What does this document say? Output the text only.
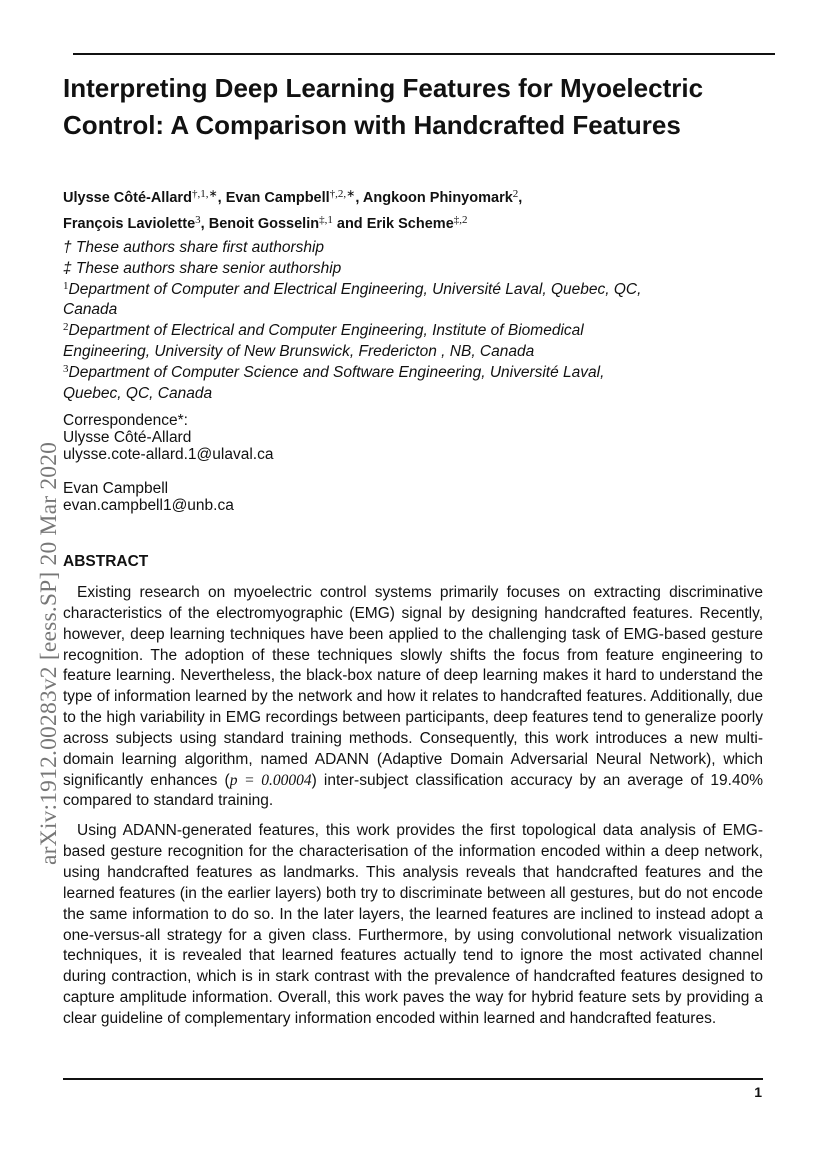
arXiv:1912.00283v2 [eess.SP] 20 Mar 2020
Interpreting Deep Learning Features for Myoelectric Control: A Comparison with Handcrafted Features
Ulysse Côté-Allard$^{\dagger,1,∗}$, Evan Campbell$^{\dagger,2,∗}$, Angkoon Phinyomark$^2$,
François Laviolette$^3$, Benoit Gosselin$^{\ddagger,1}$ and Erik Scheme$^{\ddagger,2}$
† These authors share first authorship
‡ These authors share senior authorship
$^1$Department of Computer and Electrical Engineering, Université Laval, Quebec, QC,
Canada
$^2$Department of Electrical and Computer Engineering, Institute of Biomedical
Engineering, University of New Brunswick, Fredericton , NB, Canada
$^3$Department of Computer Science and Software Engineering, Université Laval,
Quebec, QC, Canada
Correspondence*:
Ulysse Côté-Allard
ulysse.cote-allard.1@ulaval.ca
Evan Campbell
evan.campbell1@unb.ca
ABSTRACT

Existing research on myoelectric control systems primarily focuses on extracting discriminative characteristics of the electromyographic (EMG) signal by designing handcrafted features. Recently, however, deep learning techniques have been applied to the challenging task of EMG-based gesture recognition. The adoption of these techniques slowly shifts the focus from feature engineering to feature learning. Nevertheless, the black-box nature of deep learning makes it hard to understand the type of information learned by the network and how it relates to handcrafted features. Additionally, due to the high variability in EMG recordings between participants, deep features tend to generalize poorly across subjects using standard training methods. Consequently, this work introduces a new multi-domain learning algorithm, named ADANN (Adaptive Domain Adversarial Neural Network), which significantly enhances (p = 0.00004) inter-subject classification accuracy by an average of 19.40% compared to standard training.

Using ADANN-generated features, this work provides the first topological data analysis of EMG-based gesture recognition for the characterisation of the information encoded within a deep network, using handcrafted features as landmarks. This analysis reveals that handcrafted features and the learned features (in the earlier layers) both try to discriminate between all gestures, but do not encode the same information to do so. In the later layers, the learned features are inclined to instead adopt a one-versus-all strategy for a given class. Furthermore, by using convolutional network visualization techniques, it is revealed that learned features actually tend to ignore the most activated channel during contraction, which is in stark contrast with the prevalence of handcrafted features designed to capture amplitude information. Overall, this work paves the way for hybrid feature sets by providing a clear guideline of complementary information encoded within learned and handcrafted features.

1
